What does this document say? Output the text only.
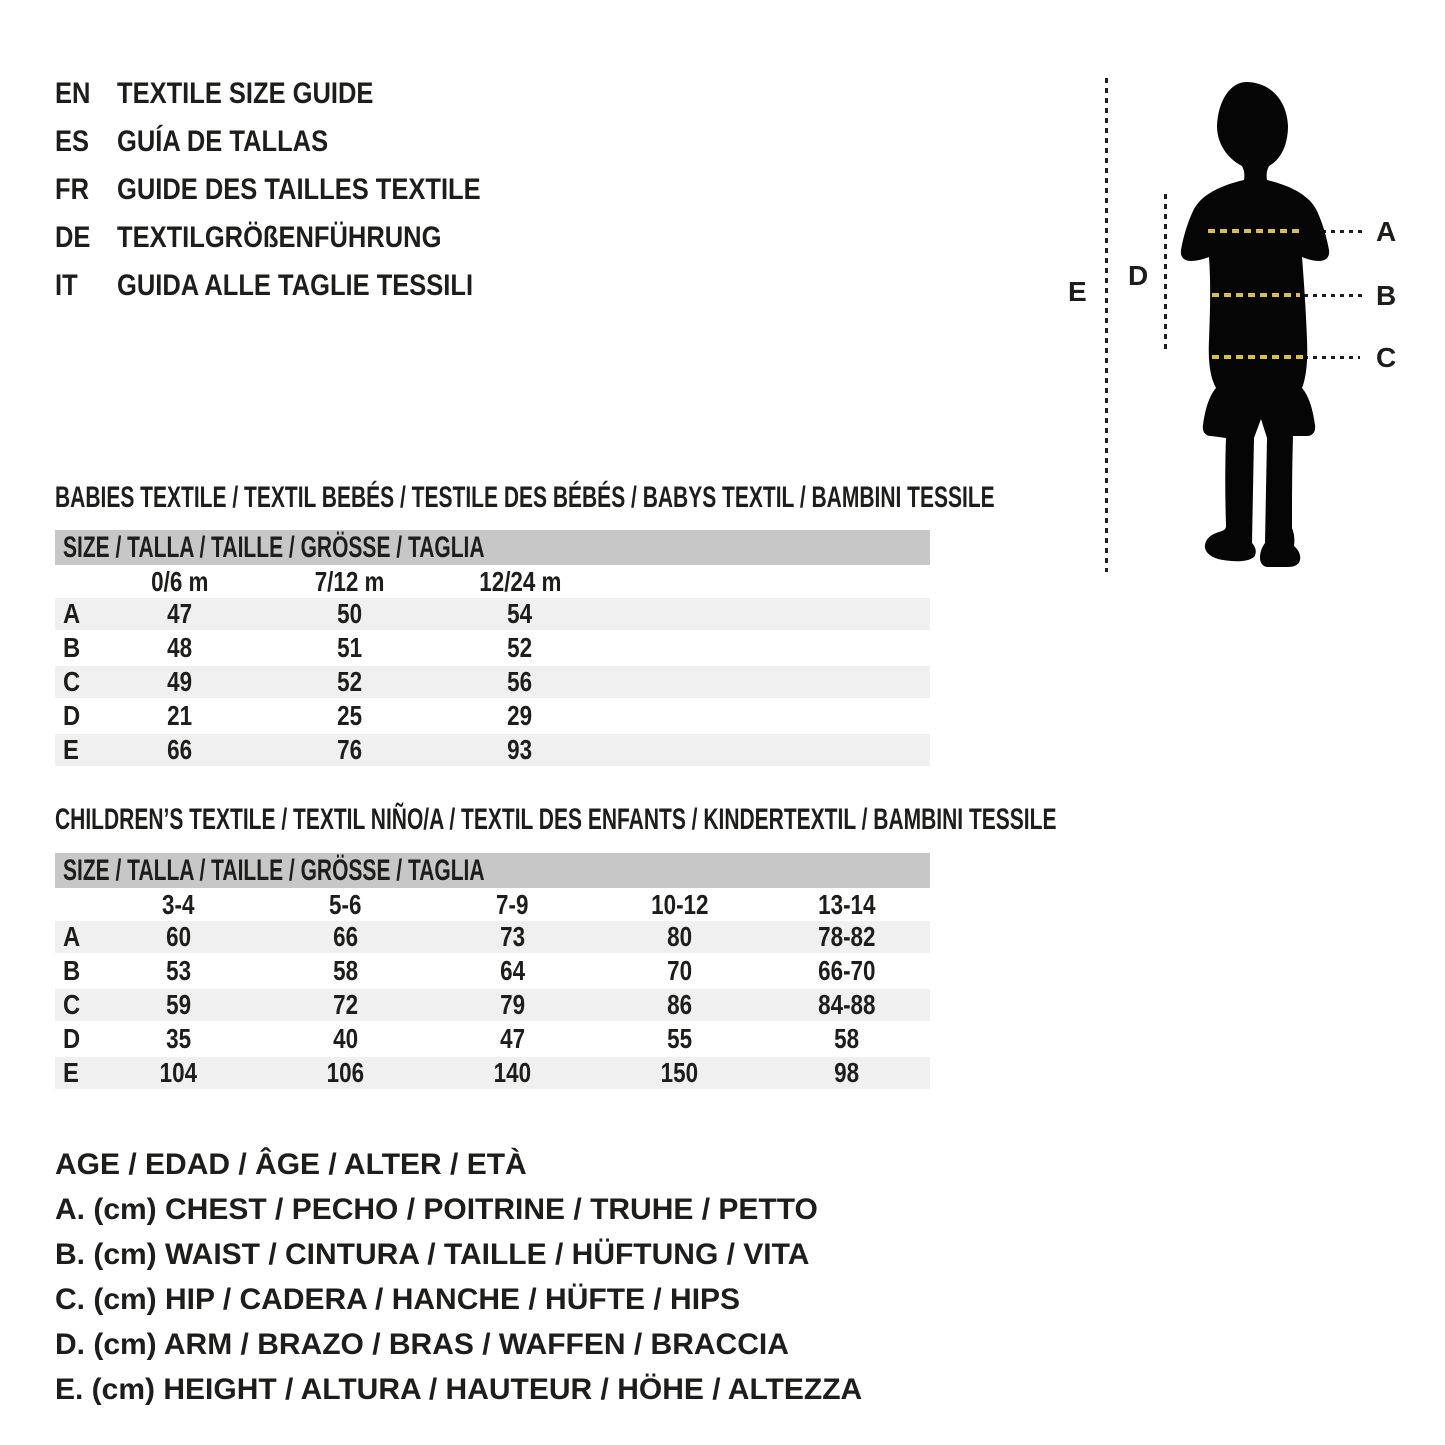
EN TEXTILE SIZE GUIDE
ES GUÍA DE TALLAS
FR GUIDE DES TAILLES TEXTILE
DE TEXTILGRÖßENFÜHRUNG
IT	GUIDA ALLE TAGLIE TESSILI	E
D
A
B
C
BABIES TEXTILE / TEXTIL BEBÉS / TESTILE DES BÉBÉS / BABYS TEXTIL / BAMBINI TESSILE
SIZE / TALLA / TAILLE / GRÖSSE / TAGLIA
0/6 m	7/12 m	12/24 m
A	47	50	54
B	48	51	52
C	49	52	56
D	21	25	29
E	66	76	93
CHILDREN’S TEXTILE / TEXTIL NIÑO/A / TEXTIL DES ENFANTS / KINDERTEXTIL / BAMBINI TESSILE
SIZE / TALLA / TAILLE / GRÖSSE / TAGLIA
3-4	5-6	7-9	10-12	13-14
A	60	66	73	80	78-82
B	53	58	64	70	66-70
C	59	72	79	86	84-88
D	35	40	47	55	58
E	104	106	140	150	98
AGE / EDAD / ÂGE / ALTER / ETÀ
A. (cm) CHEST / PECHO / POITRINE / TRUHE / PETTO
B. (cm) WAIST / CINTURA / TAILLE / HÜFTUNG / VITA
C. (cm) HIP / CADERA / HANCHE / HÜFTE / HIPS
D. (cm) ARM / BRAZO / BRAS / WAFFEN / BRACCIA
E. (cm) HEIGHT / ALTURA / HAUTEUR / HÖHE / ALTEZZA
